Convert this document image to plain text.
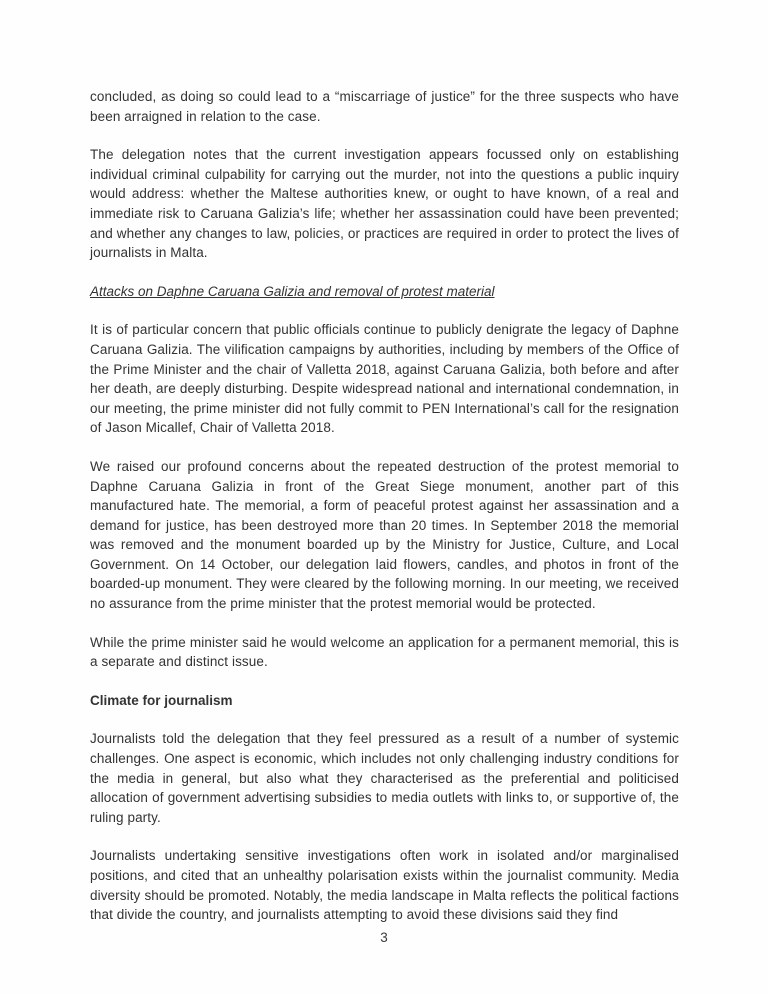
concluded, as doing so could lead to a “miscarriage of justice” for the three suspects who have been arraigned in relation to the case.

The delegation notes that the current investigation appears focussed only on establishing individual criminal culpability for carrying out the murder, not into the questions a public inquiry would address: whether the Maltese authorities knew, or ought to have known, of a real and immediate risk to Caruana Galizia’s life; whether her assassination could have been prevented; and whether any changes to law, policies, or practices are required in order to protect the lives of journalists in Malta.

Attacks on Daphne Caruana Galizia and removal of protest material

It is of particular concern that public officials continue to publicly denigrate the legacy of Daphne Caruana Galizia. The vilification campaigns by authorities, including by members of the Office of the Prime Minister and the chair of Valletta 2018, against Caruana Galizia, both before and after her death, are deeply disturbing. Despite widespread national and international condemnation, in our meeting, the prime minister did not fully commit to PEN International’s call for the resignation of Jason Micallef, Chair of Valletta 2018.

We raised our profound concerns about the repeated destruction of the protest memorial to Daphne Caruana Galizia in front of the Great Siege monument, another part of this manufactured hate. The memorial, a form of peaceful protest against her assassination and a demand for justice, has been destroyed more than 20 times. In September 2018 the memorial was removed and the monument boarded up by the Ministry for Justice, Culture, and Local Government. On 14 October, our delegation laid flowers, candles, and photos in front of the boarded-up monument. They were cleared by the following morning. In our meeting, we received no assurance from the prime minister that the protest memorial would be protected.

While the prime minister said he would welcome an application for a permanent memorial, this is a separate and distinct issue.

Climate for journalism

Journalists told the delegation that they feel pressured as a result of a number of systemic challenges. One aspect is economic, which includes not only challenging industry conditions for the media in general, but also what they characterised as the preferential and politicised allocation of government advertising subsidies to media outlets with links to, or supportive of, the ruling party.

Journalists undertaking sensitive investigations often work in isolated and/or marginalised positions, and cited that an unhealthy polarisation exists within the journalist community. Media diversity should be promoted. Notably, the media landscape in Malta reflects the political factions that divide the country, and journalists attempting to avoid these divisions said they find

3
